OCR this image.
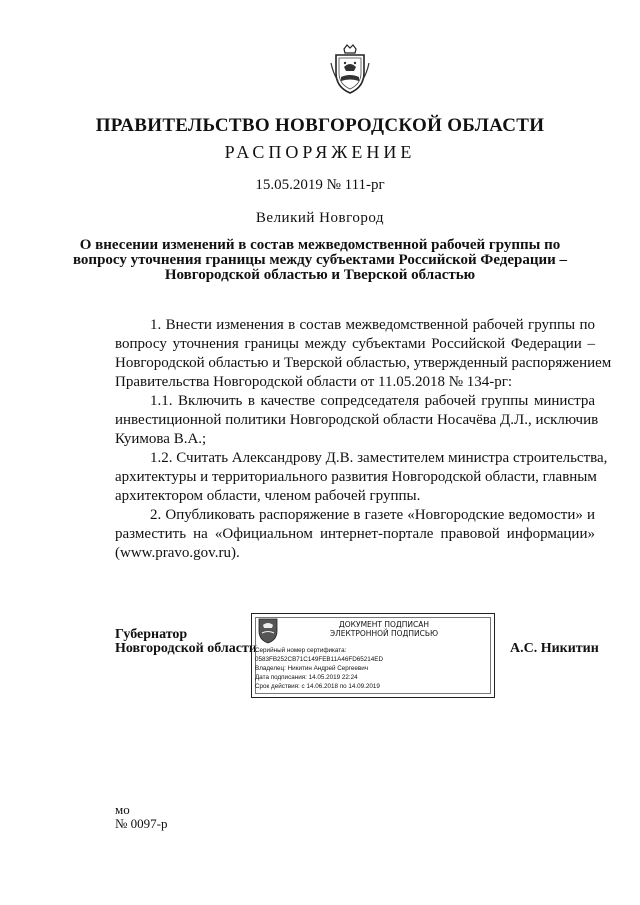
ПРАВИТЕЛЬСТВО НОВГОРОДСКОЙ ОБЛАСТИ
РАСПОРЯЖЕНИЕ
15.05.2019 № 111-рг
Великий Новгород
О внесении изменений в состав межведомственной рабочей группы по
вопросу уточнения границы между субъектами Российской Федерации –
Новгородской областью и Тверской областью
1. Внести изменения в состав межведомственной рабочей группы по
вопросу уточнения границы между субъектами Российской Федерации –
Новгородской областью и Тверской областью, утвержденный распоряжением
Правительства Новгородской области от 11.05.2018 № 134-рг:
1.1. Включить в качестве сопредседателя рабочей группы министра
инвестиционной политики Новгородской области Носачёва Д.Л., исключив
Куимова В.А.;
1.2. Считать Александрову Д.В. заместителем министра строительства,
архитектуры и территориального развития Новгородской области, главным
архитектором области, членом рабочей группы.
2. Опубликовать распоряжение в газете «Новгородские ведомости» и
разместить на «Официальном интернет-портале правовой информации»
(www.pravo.gov.ru).
Губернатор
Новгородской области
ДОКУМЕНТ ПОДПИСАН
ЭЛЕКТРОННОЙ ПОДПИСЬЮ
Серийный номер сертификата:
0583FB252CB71C149FEB11A46FD65214ED
Владелец: Никитин Андрей Сергеевич
Дата подписания: 14.05.2019 22:24
Срок действия: с 14.06.2018 по 14.09.2019
А.С. Никитин
мо
№ 0097-р
